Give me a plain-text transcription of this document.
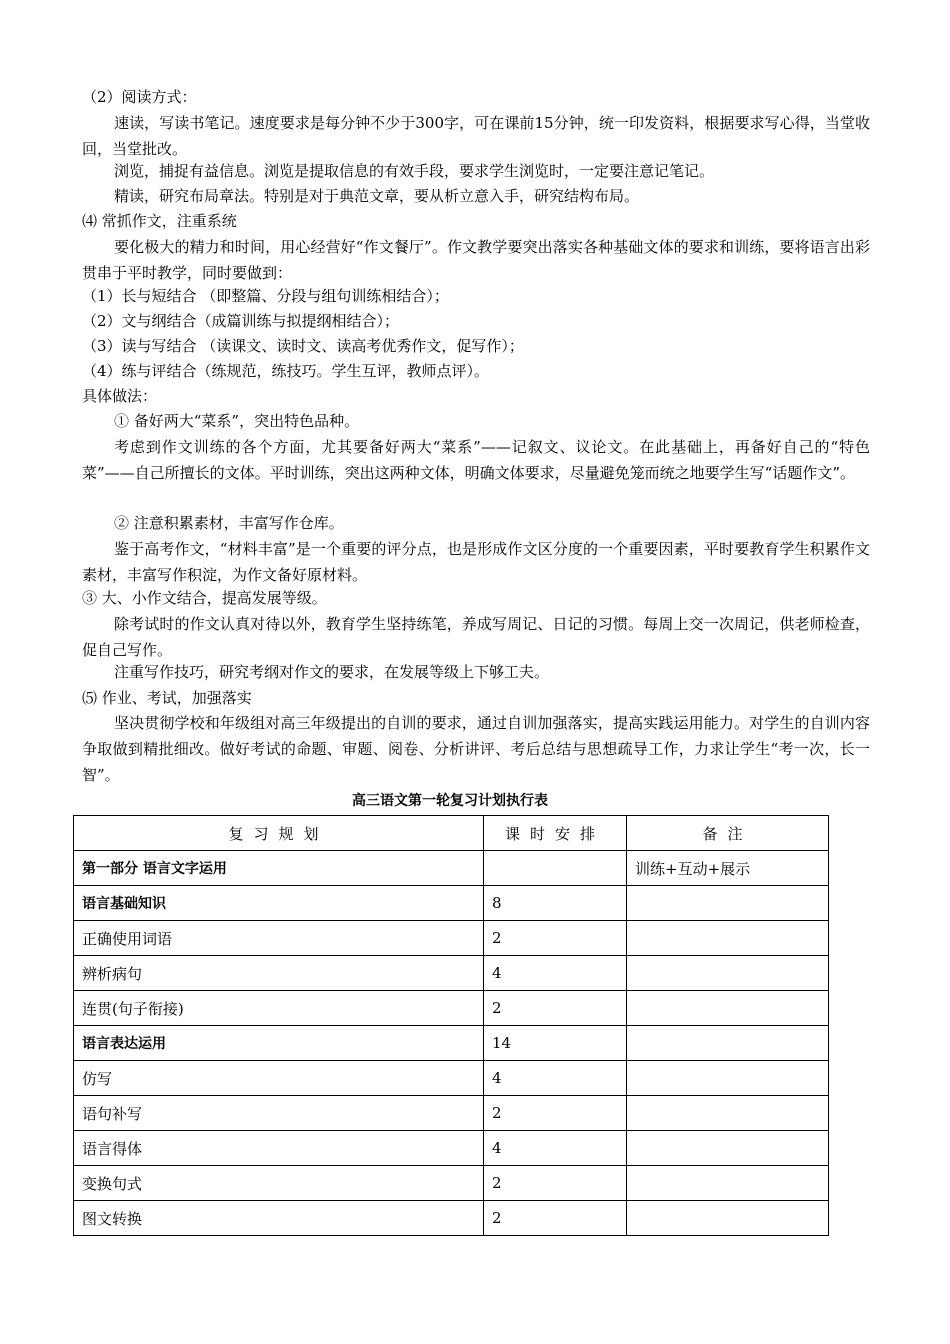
（2）阅读方式：

速读，写读书笔记。速度要求是每分钟不少于300字，可在课前15分钟，统一印发资料，根据要求写心得，当堂收回，当堂批改。

浏览，捕捉有益信息。浏览是提取信息的有效手段，要求学生浏览时，一定要注意记笔记。

精读，研究布局章法。特别是对于典范文章，要从析立意入手，研究结构布局。

⑷ 常抓作文，注重系统

要化极大的精力和时间，用心经营好“作文餐厅”。作文教学要突出落实各种基础文体的要求和训练，要将语言出彩贯串于平时教学，同时要做到：

（1）长与短结合 （即整篇、分段与组句训练相结合）；

（2）文与纲结合（成篇训练与拟提纲相结合）；

（3）读与写结合 （读课文、读时文、读高考优秀作文，促写作）；

（4）练与评结合（练规范，练技巧。学生互评，教师点评）。

具体做法：

① 备好两大“菜系”，突出特色品种。

考虑到作文训练的各个方面，尤其要备好两大“菜系”——记叙文、议论文。在此基础上，再备好自己的“特色菜”——自己所擅长的文体。平时训练，突出这两种文体，明确文体要求，尽量避免笼而统之地要学生写“话题作文”。

② 注意积累素材，丰富写作仓库。

鉴于高考作文，“材料丰富”是一个重要的评分点，也是形成作文区分度的一个重要因素，平时要教育学生积累作文素材，丰富写作积淀，为作文备好原材料。

③ 大、小作文结合，提高发展等级。

除考试时的作文认真对待以外，教育学生坚持练笔，养成写周记、日记的习惯。每周上交一次周记，供老师检查，促自己写作。

注重写作技巧，研究考纲对作文的要求，在发展等级上下够工夫。

⑸ 作业、考试，加强落实

坚决贯彻学校和年级组对高三年级提出的自训的要求，通过自训加强落实，提高实践运用能力。对学生的自训内容争取做到精批细改。做好考试的命题、审题、阅卷、分析讲评、考后总结与思想疏导工作，力求让学生“考一次，长一智”。

高三语文第一轮复习计划执行表
复习规划	课时安排	备注
第一部分 语言文字运用		训练+互动+展示
语言基础知识	8	
正确使用词语	2	
辨析病句	4	
连贯(句子衔接)	2	
语言表达运用	14	
仿写	4	
语句补写	2	
语言得体	4	
变换句式	2	
图文转换	2	
